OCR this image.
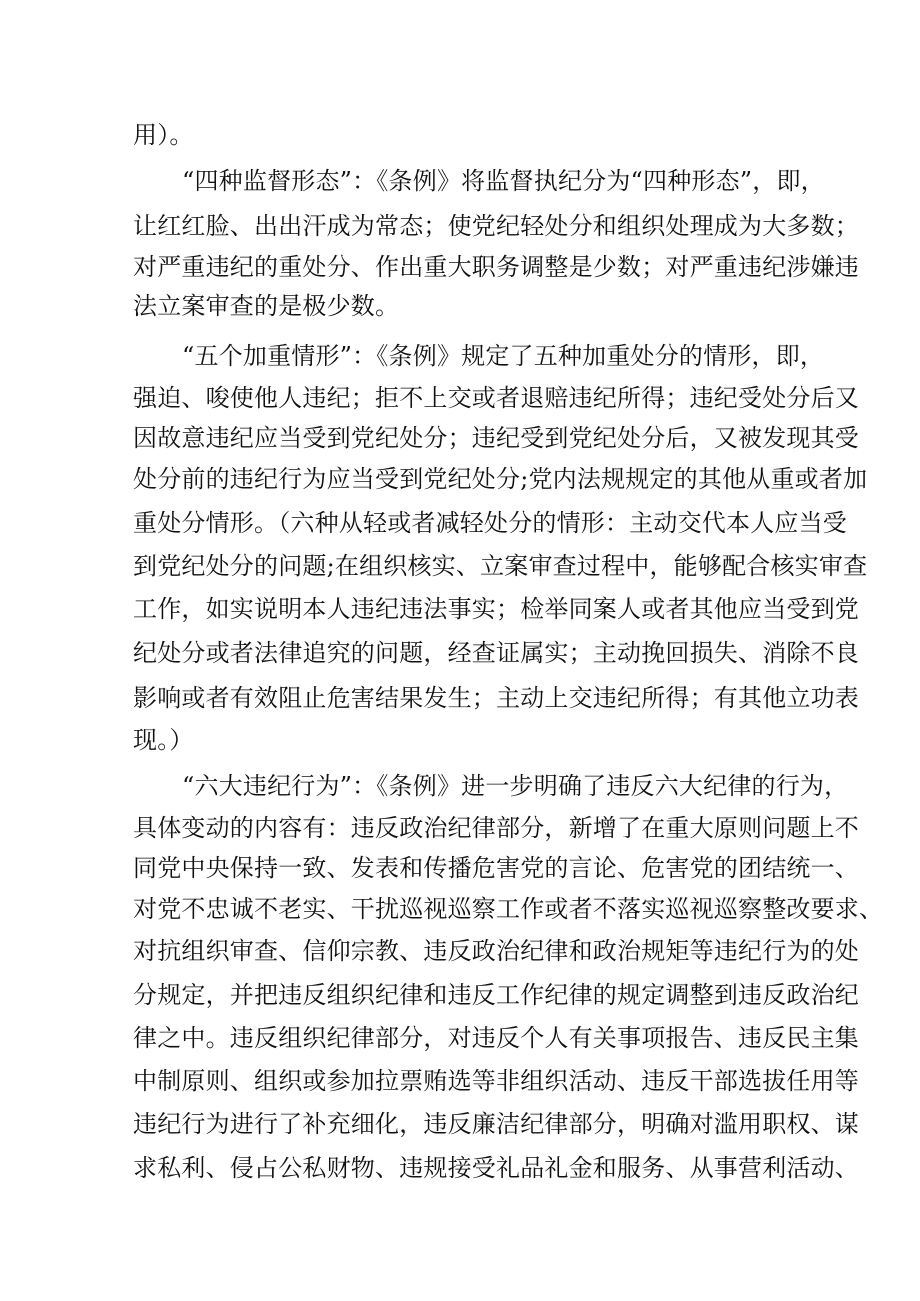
用）。
“四种监督形态”：《条例》将监督执纪分为“四种形态”，即，
让红红脸、出出汗成为常态；使党纪轻处分和组织处理成为大多数；
对严重违纪的重处分、作出重大职务调整是少数；对严重违纪涉嫌违
法立案审查的是极少数。
“五个加重情形”：《条例》规定了五种加重处分的情形，即，
强迫、唆使他人违纪；拒不上交或者退赔违纪所得；违纪受处分后又
因故意违纪应当受到党纪处分；违纪受到党纪处分后，又被发现其受
处分前的违纪行为应当受到党纪处分;党内法规规定的其他从重或者加
重处分情形。（六种从轻或者减轻处分的情形：主动交代本人应当受
到党纪处分的问题;在组织核实、立案审查过程中，能够配合核实审查
工作，如实说明本人违纪违法事实；检举同案人或者其他应当受到党
纪处分或者法律追究的问题，经查证属实；主动挽回损失、消除不良
影响或者有效阻止危害结果发生；主动上交违纪所得；有其他立功表
现。）
“六大违纪行为”：《条例》进一步明确了违反六大纪律的行为，
具体变动的内容有：违反政治纪律部分，新增了在重大原则问题上不
同党中央保持一致、发表和传播危害党的言论、危害党的团结统一、
对党不忠诚不老实、干扰巡视巡察工作或者不落实巡视巡察整改要求、
对抗组织审查、信仰宗教、违反政治纪律和政治规矩等违纪行为的处
分规定，并把违反组织纪律和违反工作纪律的规定调整到违反政治纪
律之中。违反组织纪律部分，对违反个人有关事项报告、违反民主集
中制原则、组织或参加拉票贿选等非组织活动、违反干部选拔任用等
违纪行为进行了补充细化，违反廉洁纪律部分，明确对滥用职权、谋
求私利、侵占公私财物、违规接受礼品礼金和服务、从事营利活动、
